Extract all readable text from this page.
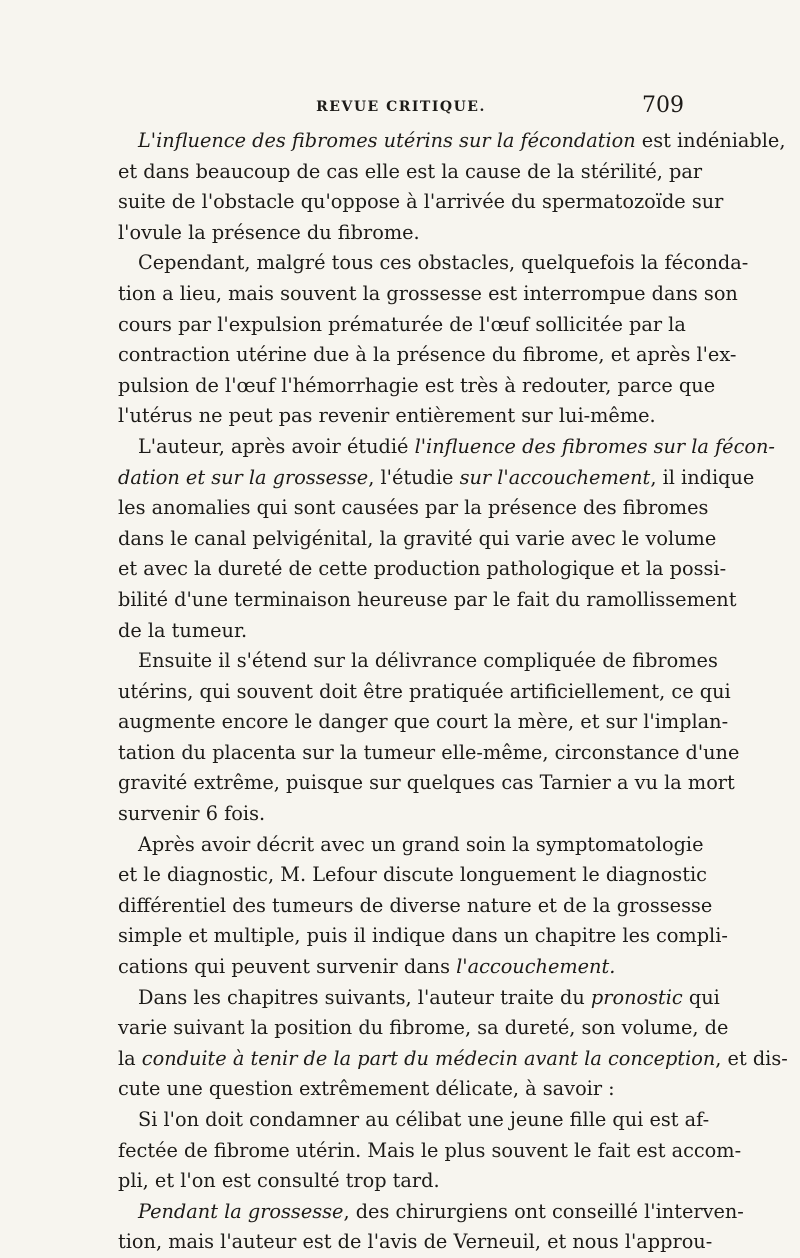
REVUE CRITIQUE.	709
L'influence des fibromes utérins sur la fécondation est indéniable,
et dans beaucoup de cas elle est la cause de la stérilité, par
suite de l'obstacle qu'oppose à l'arrivée du spermatozoïde sur
l'ovule la présence du fibrome.
Cependant, malgré tous ces obstacles, quelquefois la féconda-
tion a lieu, mais souvent la grossesse est interrompue dans son
cours par l'expulsion prématurée de l'œuf sollicitée par la
contraction utérine due à la présence du fibrome, et après l'ex-
pulsion de l'œuf l'hémorrhagie est très à redouter, parce que
l'utérus ne peut pas revenir entièrement sur lui-même.
L'auteur, après avoir étudié l'influence des fibromes sur la fécon-
dation et sur la grossesse, l'étudie sur l'accouchement, il indique
les anomalies qui sont causées par la présence des fibromes
dans le canal pelvigénital, la gravité qui varie avec le volume
et avec la dureté de cette production pathologique et la possi-
bilité d'une terminaison heureuse par le fait du ramollissement
de la tumeur.
Ensuite il s'étend sur la délivrance compliquée de fibromes
utérins, qui souvent doit être pratiquée artificiellement, ce qui
augmente encore le danger que court la mère, et sur l'implan-
tation du placenta sur la tumeur elle-même, circonstance d'une
gravité extrême, puisque sur quelques cas Tarnier a vu la mort
survenir 6 fois.
Après avoir décrit avec un grand soin la symptomatologie
et le diagnostic, M. Lefour discute longuement le diagnostic
différentiel des tumeurs de diverse nature et de la grossesse
simple et multiple, puis il indique dans un chapitre les compli-
cations qui peuvent survenir dans l'accouchement.
Dans les chapitres suivants, l'auteur traite du pronostic qui
varie suivant la position du fibrome, sa dureté, son volume, de
la conduite à tenir de la part du médecin avant la conception, et dis-
cute une question extrêmement délicate, à savoir :
Si l'on doit condamner au célibat une jeune fille qui est af-
fectée de fibrome utérin. Mais le plus souvent le fait est accom-
pli, et l'on est consulté trop tard.
Pendant la grossesse, des chirurgiens ont conseillé l'interven-
tion, mais l'auteur est de l'avis de Verneuil, et nous l'approu-
